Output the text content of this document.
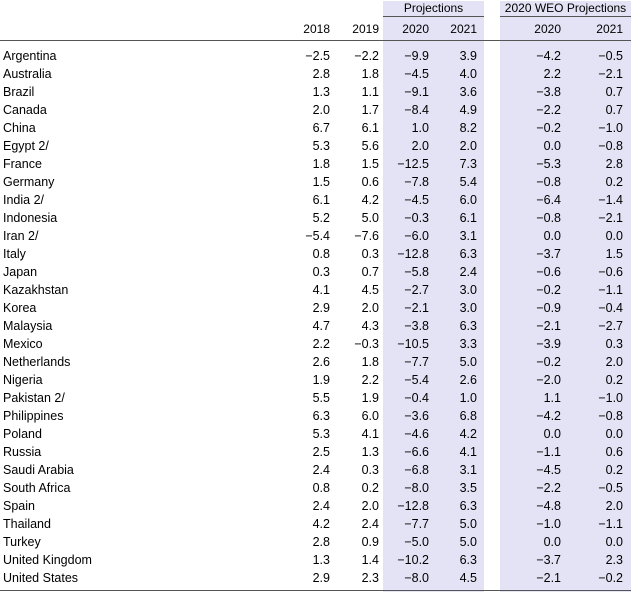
Projections	2020 WEO Projections
2018 2019 2020 2021	2020	2021
Argentina	−2.5 −2.2 −9.9 3.9	−4.2	−0.5
Australia	2.8	1.8 −4.5 4.0	2.2	−2.1
Brazil	1.3	1.1 −9.1 3.6	−3.8	0.7
Canada	2.0	1.7 −8.4 4.9	−2.2	0.7
China	6.7	6.1	1.0 8.2	−0.2	−1.0
Egypt 2/	5.3	5.6	2.0 2.0	0.0	−0.8
France	1.8	1.5 −12.5 7.3	−5.3	2.8
Germany	1.5	0.6 −7.8 5.4	−0.8	0.2
India 2/	6.1	4.2 −4.5 6.0	−6.4	−1.4
Indonesia	5.2	5.0 −0.3 6.1	−0.8	−2.1
Iran 2/	−5.4 −7.6 −6.0 3.1	0.0	0.0
Italy	0.8	0.3 −12.8 6.3	−3.7	1.5
Japan	0.3	0.7 −5.8 2.4	−0.6	−0.6
Kazakhstan	4.1	4.5 −2.7 3.0	−0.2	−1.1
Korea	2.9	2.0 −2.1 3.0	−0.9	−0.4
Malaysia	4.7	4.3 −3.8 6.3	−2.1	−2.7
Mexico	2.2 −0.3 −10.5 3.3	−3.9	0.3
Netherlands	2.6	1.8 −7.7 5.0	−0.2	2.0
Nigeria	1.9	2.2 −5.4 2.6	−2.0	0.2
Pakistan 2/	5.5	1.9 −0.4 1.0	1.1	−1.0
Philippines	6.3	6.0 −3.6 6.8	−4.2	−0.8
Poland	5.3	4.1 −4.6 4.2	0.0	0.0
Russia	2.5	1.3 −6.6 4.1	−1.1	0.6
Saudi Arabia	2.4	0.3 −6.8 3.1	−4.5	0.2
South Africa	0.8	0.2 −8.0 3.5	−2.2	−0.5
Spain	2.4	2.0 −12.8 6.3	−4.8	2.0
Thailand	4.2	2.4 −7.7 5.0	−1.0	−1.1
Turkey	2.8	0.9 −5.0 5.0	0.0	0.0
United Kingdom	1.3	1.4 −10.2 6.3	−3.7	2.3
United States	2.9	2.3 −8.0 4.5	−2.1	−0.2
